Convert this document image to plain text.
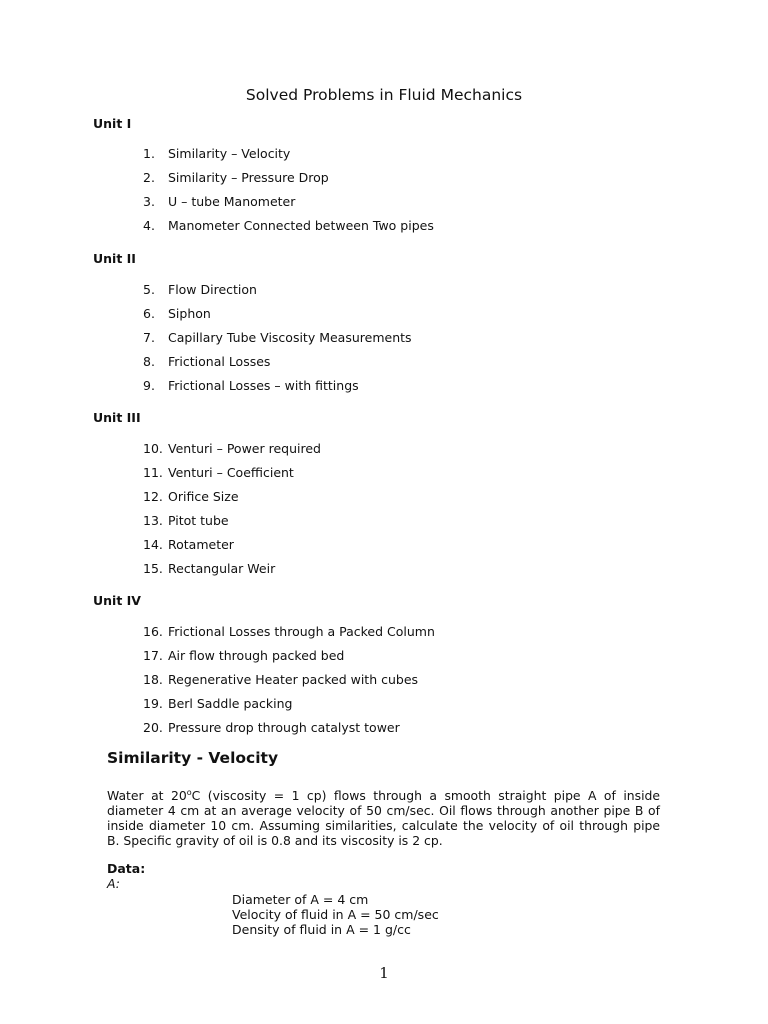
Solved Problems in Fluid Mechanics
Unit I
1. Similarity – Velocity
2. Similarity – Pressure Drop
3. U – tube Manometer
4. Manometer Connected between Two pipes
Unit II
5. Flow Direction
6. Siphon
7. Capillary Tube Viscosity Measurements
8. Frictional Losses
9. Frictional Losses – with fittings
Unit III
10. Venturi – Power required
11. Venturi – Coefficient
12. Orifice Size
13. Pitot tube
14. Rotameter
15. Rectangular Weir
Unit IV
16. Frictional Losses through a Packed Column
17. Air flow through packed bed
18. Regenerative Heater packed with cubes
19. Berl Saddle packing
20. Pressure drop through catalyst tower
Similarity - Velocity
Water at 20$^o$C (viscosity = 1 cp) flows through a smooth straight pipe A of inside diameter 4 cm at an average velocity of 50 cm/sec. Oil flows through another pipe B of inside diameter 10 cm. Assuming similarities, calculate the velocity of oil through pipe B. Specific gravity of oil is 0.8 and its viscosity is 2 cp.
Data:
A:
Diameter of A = 4 cm
Velocity of fluid in A = 50 cm/sec
Density of fluid in A = 1 g/cc
1
